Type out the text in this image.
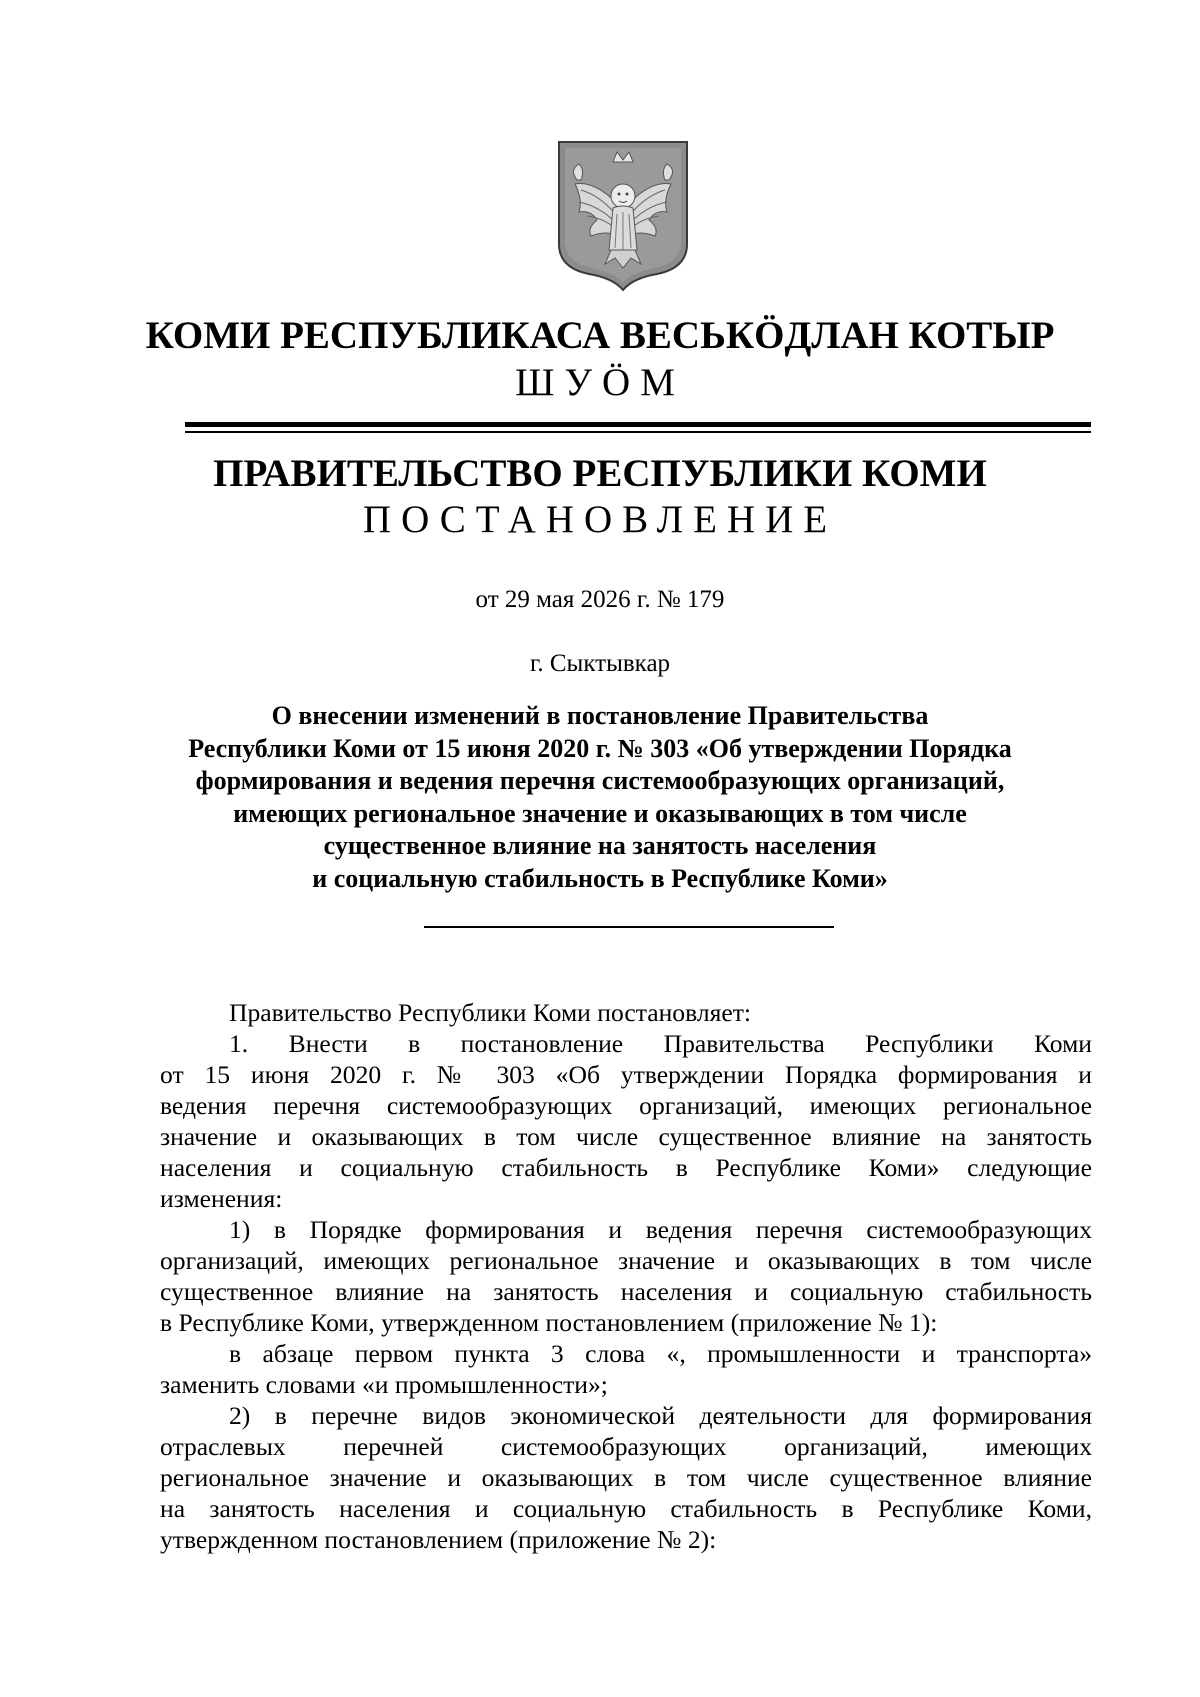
КОМИ РЕСПУБЛИКАСА ВЕСЬКӦДЛАН КОТЫР
ШУӦМ
ПРАВИТЕЛЬСТВО РЕСПУБЛИКИ КОМИ
ПОСТАНОВЛЕНИЕ
от 29 мая 2026 г. № 179
г. Сыктывкар
О внесении изменений в постановление Правительства
Республики Коми от 15 июня 2020 г. № 303 «Об утверждении Порядка
формирования и ведения перечня системообразующих организаций,
имеющих региональное значение и оказывающих в том числе
существенное влияние на занятость населения
и социальную стабильность в Республике Коми»
Правительство Республики Коми постановляет:
1. Внести в постановление Правительства Республики Коми
от 15 июня 2020 г. № 303 «Об утверждении Порядка формирования и
ведения перечня системообразующих организаций, имеющих региональное
значение и оказывающих в том числе существенное влияние на занятость
населения и социальную стабильность в Республике Коми» следующие
изменения:
1) в Порядке формирования и ведения перечня системообразующих
организаций, имеющих региональное значение и оказывающих в том числе
существенное влияние на занятость населения и социальную стабильность
в Республике Коми, утвержденном постановлением (приложение № 1):
в абзаце первом пункта 3 слова «, промышленности и транспорта»
заменить словами «и промышленности»;
2) в перечне видов экономической деятельности для формирования
отраслевых перечней системообразующих организаций, имеющих
региональное значение и оказывающих в том числе существенное влияние
на занятость населения и социальную стабильность в Республике Коми,
утвержденном постановлением (приложение № 2):
